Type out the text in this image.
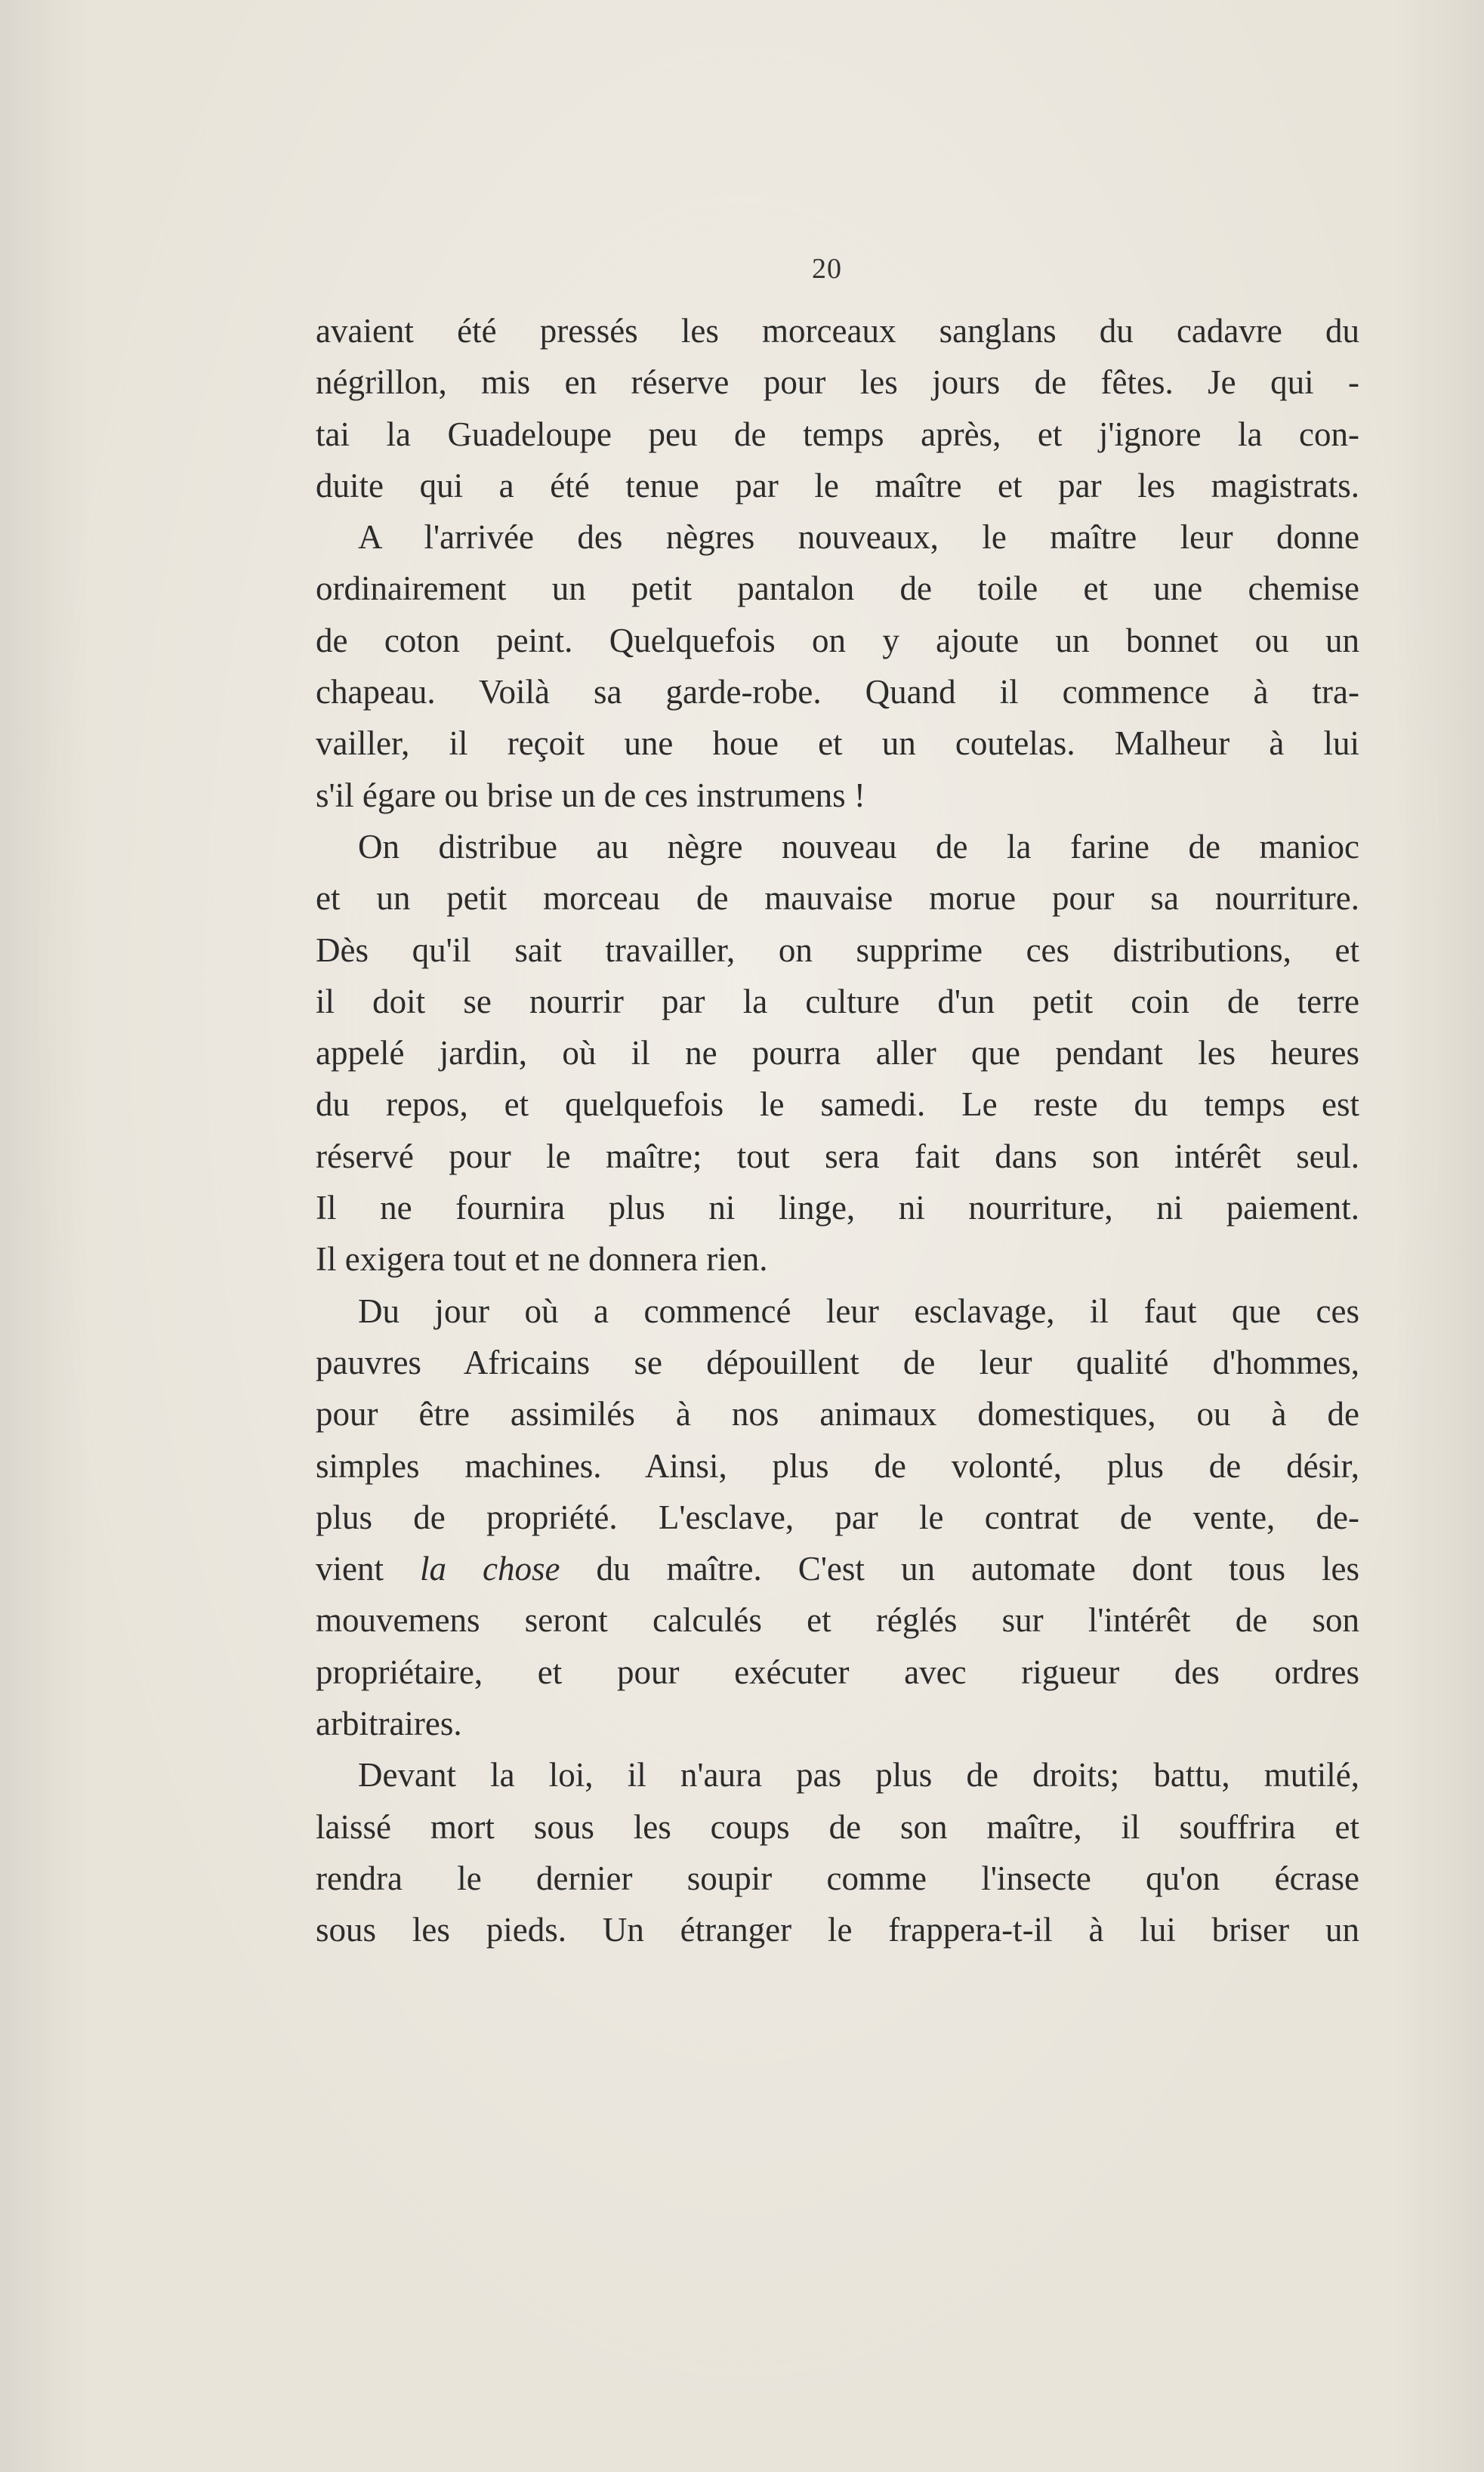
20
avaient été pressés les morceaux sanglans du cadavre du
négrillon, mis en réserve pour les jours de fêtes. Je qui -
tai la Guadeloupe peu de temps après, et j'ignore la con-
duite qui a été tenue par le maître et par les magistrats.
A l'arrivée des nègres nouveaux, le maître leur donne
ordinairement un petit pantalon de toile et une chemise
de coton peint. Quelquefois on y ajoute un bonnet ou un
chapeau. Voilà sa garde-robe. Quand il commence à tra-
vailler, il reçoit une houe et un coutelas. Malheur à lui
s'il égare ou brise un de ces instrumens !
On distribue au nègre nouveau de la farine de manioc
et un petit morceau de mauvaise morue pour sa nourriture.
Dès qu'il sait travailler, on supprime ces distributions, et
il doit se nourrir par la culture d'un petit coin de terre
appelé jardin, où il ne pourra aller que pendant les heures
du repos, et quelquefois le samedi. Le reste du temps est
réservé pour le maître; tout sera fait dans son intérêt seul.
Il ne fournira plus ni linge, ni nourriture, ni paiement.
Il exigera tout et ne donnera rien.
Du jour où a commencé leur esclavage, il faut que ces
pauvres Africains se dépouillent de leur qualité d'hommes,
pour être assimilés à nos animaux domestiques, ou à de
simples machines. Ainsi, plus de volonté, plus de désir,
plus de propriété. L'esclave, par le contrat de vente, de-
vient la chose du maître. C'est un automate dont tous les
mouvemens seront calculés et réglés sur l'intérêt de son
propriétaire, et pour exécuter avec rigueur des ordres
arbitraires.
Devant la loi, il n'aura pas plus de droits; battu, mutilé,
laissé mort sous les coups de son maître, il souffrira et
rendra le dernier soupir comme l'insecte qu'on écrase
sous les pieds. Un étranger le frappera-t-il à lui briser un
